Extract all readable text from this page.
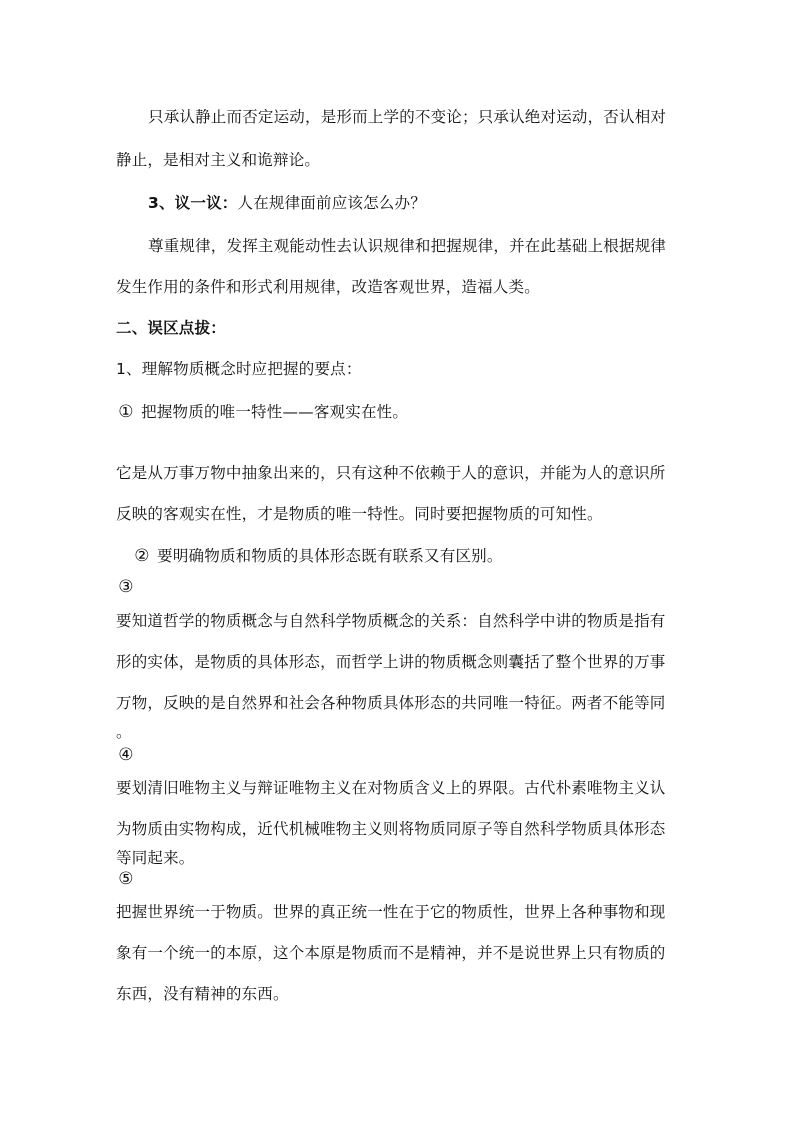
只承认静止而否定运动，是形而上学的不变论；只承认绝对运动，否认相对
静止，是相对主义和诡辩论。
3、议一议：人在规律面前应该怎么办？
尊重规律，发挥主观能动性去认识规律和把握规律，并在此基础上根据规律
发生作用的条件和形式利用规律，改造客观世界，造福人类。
二、误区点拔：
1、理解物质概念时应把握的要点：
① 把握物质的唯一特性——客观实在性。
它是从万事万物中抽象出来的，只有这种不依赖于人的意识，并能为人的意识所
反映的客观实在性，才是物质的唯一特性。同时要把握物质的可知性。
② 要明确物质和物质的具体形态既有联系又有区别。
③
要知道哲学的物质概念与自然科学物质概念的关系：自然科学中讲的物质是指有
形的实体，是物质的具体形态，而哲学上讲的物质概念则囊括了整个世界的万事
万物，反映的是自然界和社会各种物质具体形态的共同唯一特征。两者不能等同
。
④
要划清旧唯物主义与辩证唯物主义在对物质含义上的界限。古代朴素唯物主义认
为物质由实物构成，近代机械唯物主义则将物质同原子等自然科学物质具体形态
等同起来。
⑤
把握世界统一于物质。世界的真正统一性在于它的物质性，世界上各种事物和现
象有一个统一的本原，这个本原是物质而不是精神，并不是说世界上只有物质的
东西，没有精神的东西。
